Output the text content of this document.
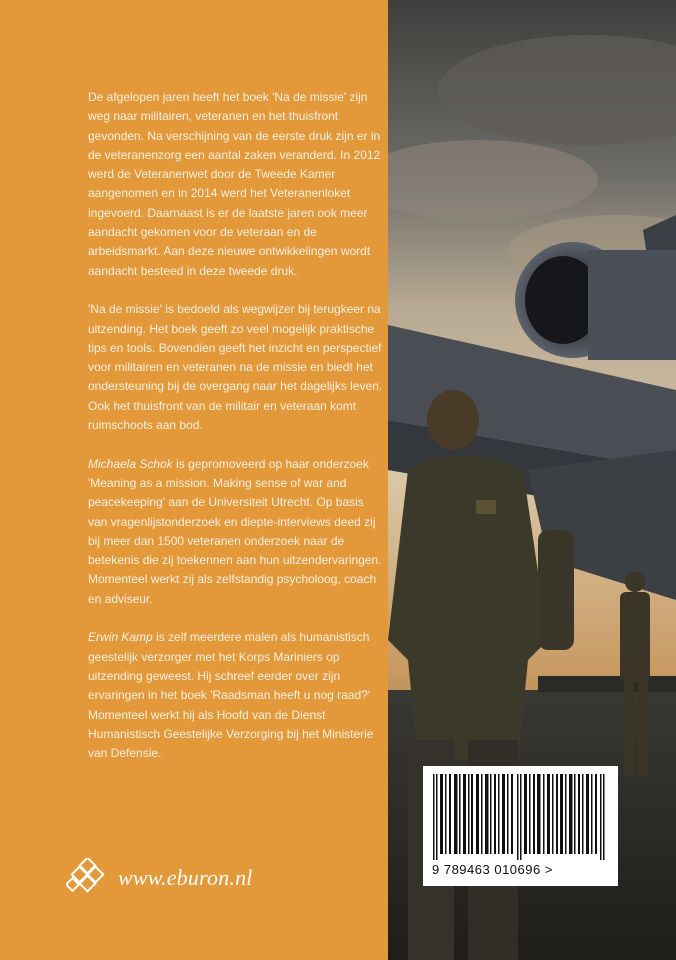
De afgelopen jaren heeft het boek 'Na de missie' zijn weg naar militairen, veteranen en het thuisfront gevonden. Na verschijning van de eerste druk zijn er in de veteranenzorg een aantal zaken veranderd. In 2012 werd de Veteranenwet door de Tweede Kamer aangenomen en in 2014 werd het Veteranenloket ingevoerd. Daarnaast is er de laatste jaren ook meer aandacht gekomen voor de veteraan en de arbeidsmarkt. Aan deze nieuwe ontwikkelingen wordt aandacht besteed in deze tweede druk.

'Na de missie' is bedoeld als wegwijzer bij terugkeer na uitzending. Het boek geeft zo veel mogelijk praktische tips en tools. Bovendien geeft het inzicht en perspectief voor militairen en veteranen na de missie en biedt het ondersteuning bij de overgang naar het dagelijks leven. Ook het thuisfront van de militair en veteraan komt ruimschoots aan bod.

Michaela Schok is gepromoveerd op haar onderzoek 'Meaning as a mission. Making sense of war and peacekeeping' aan de Universiteit Utrecht. Op basis van vragenlijstonderzoek en diepte-interviews deed zij bij meer dan 1500 veteranen onderzoek naar de betekenis die zij toekennen aan hun uitzendervaringen. Momenteel werkt zij als zelfstandig psycholoog, coach en adviseur.

Erwin Kamp is zelf meerdere malen als humanistisch geestelijk verzorger met het Korps Mariniers op uitzending geweest. Hij schreef eerder over zijn ervaringen in het boek 'Raadsman heeft u nog raad?' Momenteel werkt hij als Hoofd van de Dienst Humanistisch Geestelijke Verzorging bij het Ministerie van Defensie.

www.eburon.nl	9 789463 010696 >
